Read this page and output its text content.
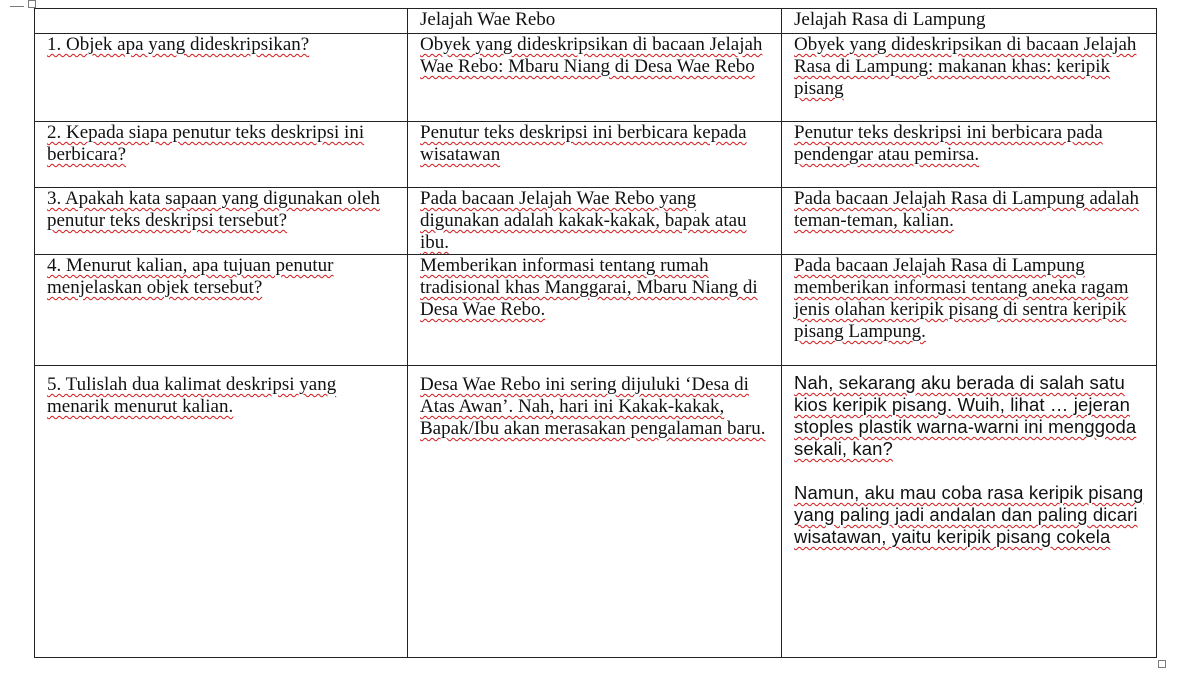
	Jelajah Wae Rebo	Jelajah Rasa di Lampung
1. Objek apa yang dideskripsikan?	Obyek yang dideskripsikan di bacaan Jelajah Wae Rebo: Mbaru Niang di Desa Wae Rebo	Obyek yang dideskripsikan di bacaan Jelajah Rasa di Lampung: makanan khas: keripik pisang
2. Kepada siapa penutur teks deskripsi ini berbicara?	Penutur teks deskripsi ini berbicara kepada wisatawan	Penutur teks deskripsi ini berbicara pada pendengar atau pemirsa.
3. Apakah kata sapaan yang digunakan oleh penutur teks deskripsi tersebut?	Pada bacaan Jelajah Wae Rebo yang digunakan adalah kakak-kakak, bapak atau ibu.	Pada bacaan Jelajah Rasa di Lampung adalah teman-teman, kalian.
4. Menurut kalian, apa tujuan penutur menjelaskan objek tersebut?	Memberikan informasi tentang rumah tradisional khas Manggarai, Mbaru Niang di Desa Wae Rebo.	Pada bacaan Jelajah Rasa di Lampung memberikan informasi tentang aneka ragam jenis olahan keripik pisang di sentra keripik pisang Lampung.
5. Tulislah dua kalimat deskripsi yang menarik menurut kalian.	Desa Wae Rebo ini sering dijuluki ‘Desa di Atas Awan’. Nah, hari ini Kakak-kakak, Bapak/Ibu akan merasakan pengalaman baru.	Nah, sekarang aku berada di salah satu kios keripik pisang. Wuih, lihat … jejeran stoples plastik warna-warni ini menggoda sekali, kan?
Namun, aku mau coba rasa keripik pisang yang paling jadi andalan dan paling dicari wisatawan, yaitu keripik pisang cokela
